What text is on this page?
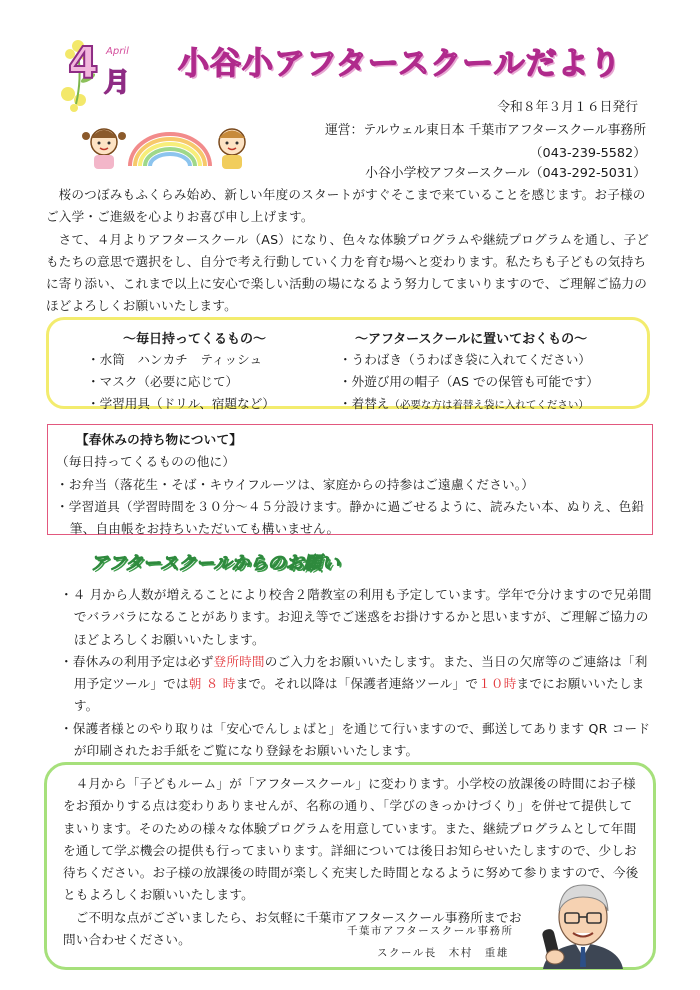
4 April
月
小谷小アフタースクールだより
令和８年３月１６日発行
運営：テルウェル東日本 千葉市アフタースクール事務所
（043-239-5582）
小谷小学校アフタースクール（043-292-5031）

桜のつぼみもふくらみ始め、新しい年度のスタートがすぐそこまで来ていることを感じます。お子様のご入学・ご進級を心よりお喜び申し上げます。

さて、４月よりアフタースクール（AS）になり、色々な体験プログラムや継続プログラムを通し、子どもたちの意思で選択をし、自分で考え行動していく力を育む場へと変わります。私たちも子どもの気持ちに寄り添い、これまで以上に安心で楽しい活動の場になるよう努力してまいりますので、ご理解ご協力のほどよろしくお願いいたします。

～毎日持ってくるもの～
・水筒　ハンカチ　ティッシュ
・マスク（必要に応じて）
・学習用具（ドリル、宿題など）
～アフタースクールに置いておくもの～
・うわばき（うわばき袋に入れてください）
・外遊び用の帽子（AS での保管も可能です）
・着替え（必要な方は着替え袋に入れてください）
【春休みの持ち物について】
（毎日持ってくるものの他に）
・お弁当（落花生・そば・キウイフルーツは、家庭からの持参はご遠慮ください。）
・学習道具（学習時間を３０分～４５分設けます。静かに過ごせるように、読みたい本、ぬりえ、色鉛筆、自由帳をお持ちいただいても構いません。
アフタースクールからのお願い

・４ 月から人数が増えることにより校舎２階教室の利用も予定しています。学年で分けますので兄弟間でバラバラになることがあります。お迎え等でご迷惑をお掛けするかと思いますが、ご理解ご協力のほどよろしくお願いいたします。

・春休みの利用予定は必ず登所時間のご入力をお願いいたします。また、当日の欠席等のご連絡は「利用予定ツール」では朝 ８ 時まで。それ以降は「保護者連絡ツール」で１０時までにお願いいたします。

・保護者様とのやり取りは「安心でんしょばと」を通じて行いますので、郵送してあります QR コードが印刷されたお手紙をご覧になり登録をお願いいたします。

４月から「子どもルーム」が「アフタースクール」に変わります。小学校の放課後の時間にお子様をお預かりする点は変わりありませんが、名称の通り、「学びのきっかけづくり」を併せて提供してまいります。そのための様々な体験プログラムを用意しています。また、継続プログラムとして年間を通して学ぶ機会の提供も行ってまいります。詳細については後日お知らせいたしますので、少しお待ちください。お子様の放課後の時間が楽しく充実した時間となるように努めて参りますので、今後ともよろしくお願いいたします。

ご不明な点がございましたら、お気軽に千葉市アフタースクール事務所までお問い合わせください。

千葉市アフタースクール事務所
スクール長　木村　重雄
